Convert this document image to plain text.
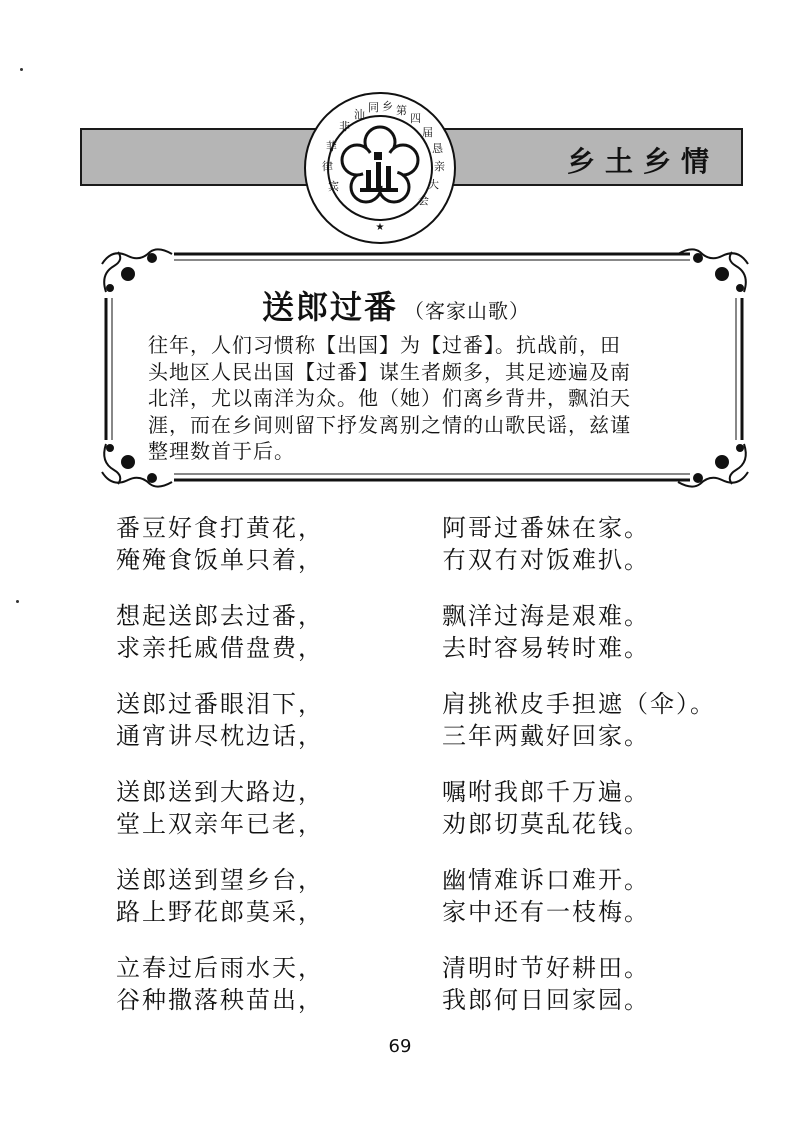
乡土乡情
非
汕
同 乡 第
四
届
恳
亲
大
会
菲
律
宾
★
送郎过番 （客家山歌）
往年，人们习惯称【出国】为【过番】。抗战前，田
头地区人民出国【过番】谋生者颇多，其足迹遍及南
北洋，尤以南洋为众。他（她）们离乡背井，飘泊天
涯，而在乡间则留下抒发离别之情的山歌民谣，兹谨
整理数首于后。
番豆好食打黄花，
殗殗食饭单只着，
阿哥过番妹在家。
冇双冇对饭难扒。
想起送郎去过番，
求亲托戚借盘费，
飘洋过海是艰难。
去时容易转时难。
送郎过番眼泪下，
通宵讲尽枕边话，
肩挑袱皮手担遮（伞）。
三年两戴好回家。
送郎送到大路边，
堂上双亲年已老，
嘱咐我郎千万遍。
劝郎切莫乱花钱。
送郎送到望乡台，
路上野花郎莫采，
幽情难诉口难开。
家中还有一枝梅。
立春过后雨水天，
谷种撒落秧苗出，
清明时节好耕田。
我郎何日回家园。
69
